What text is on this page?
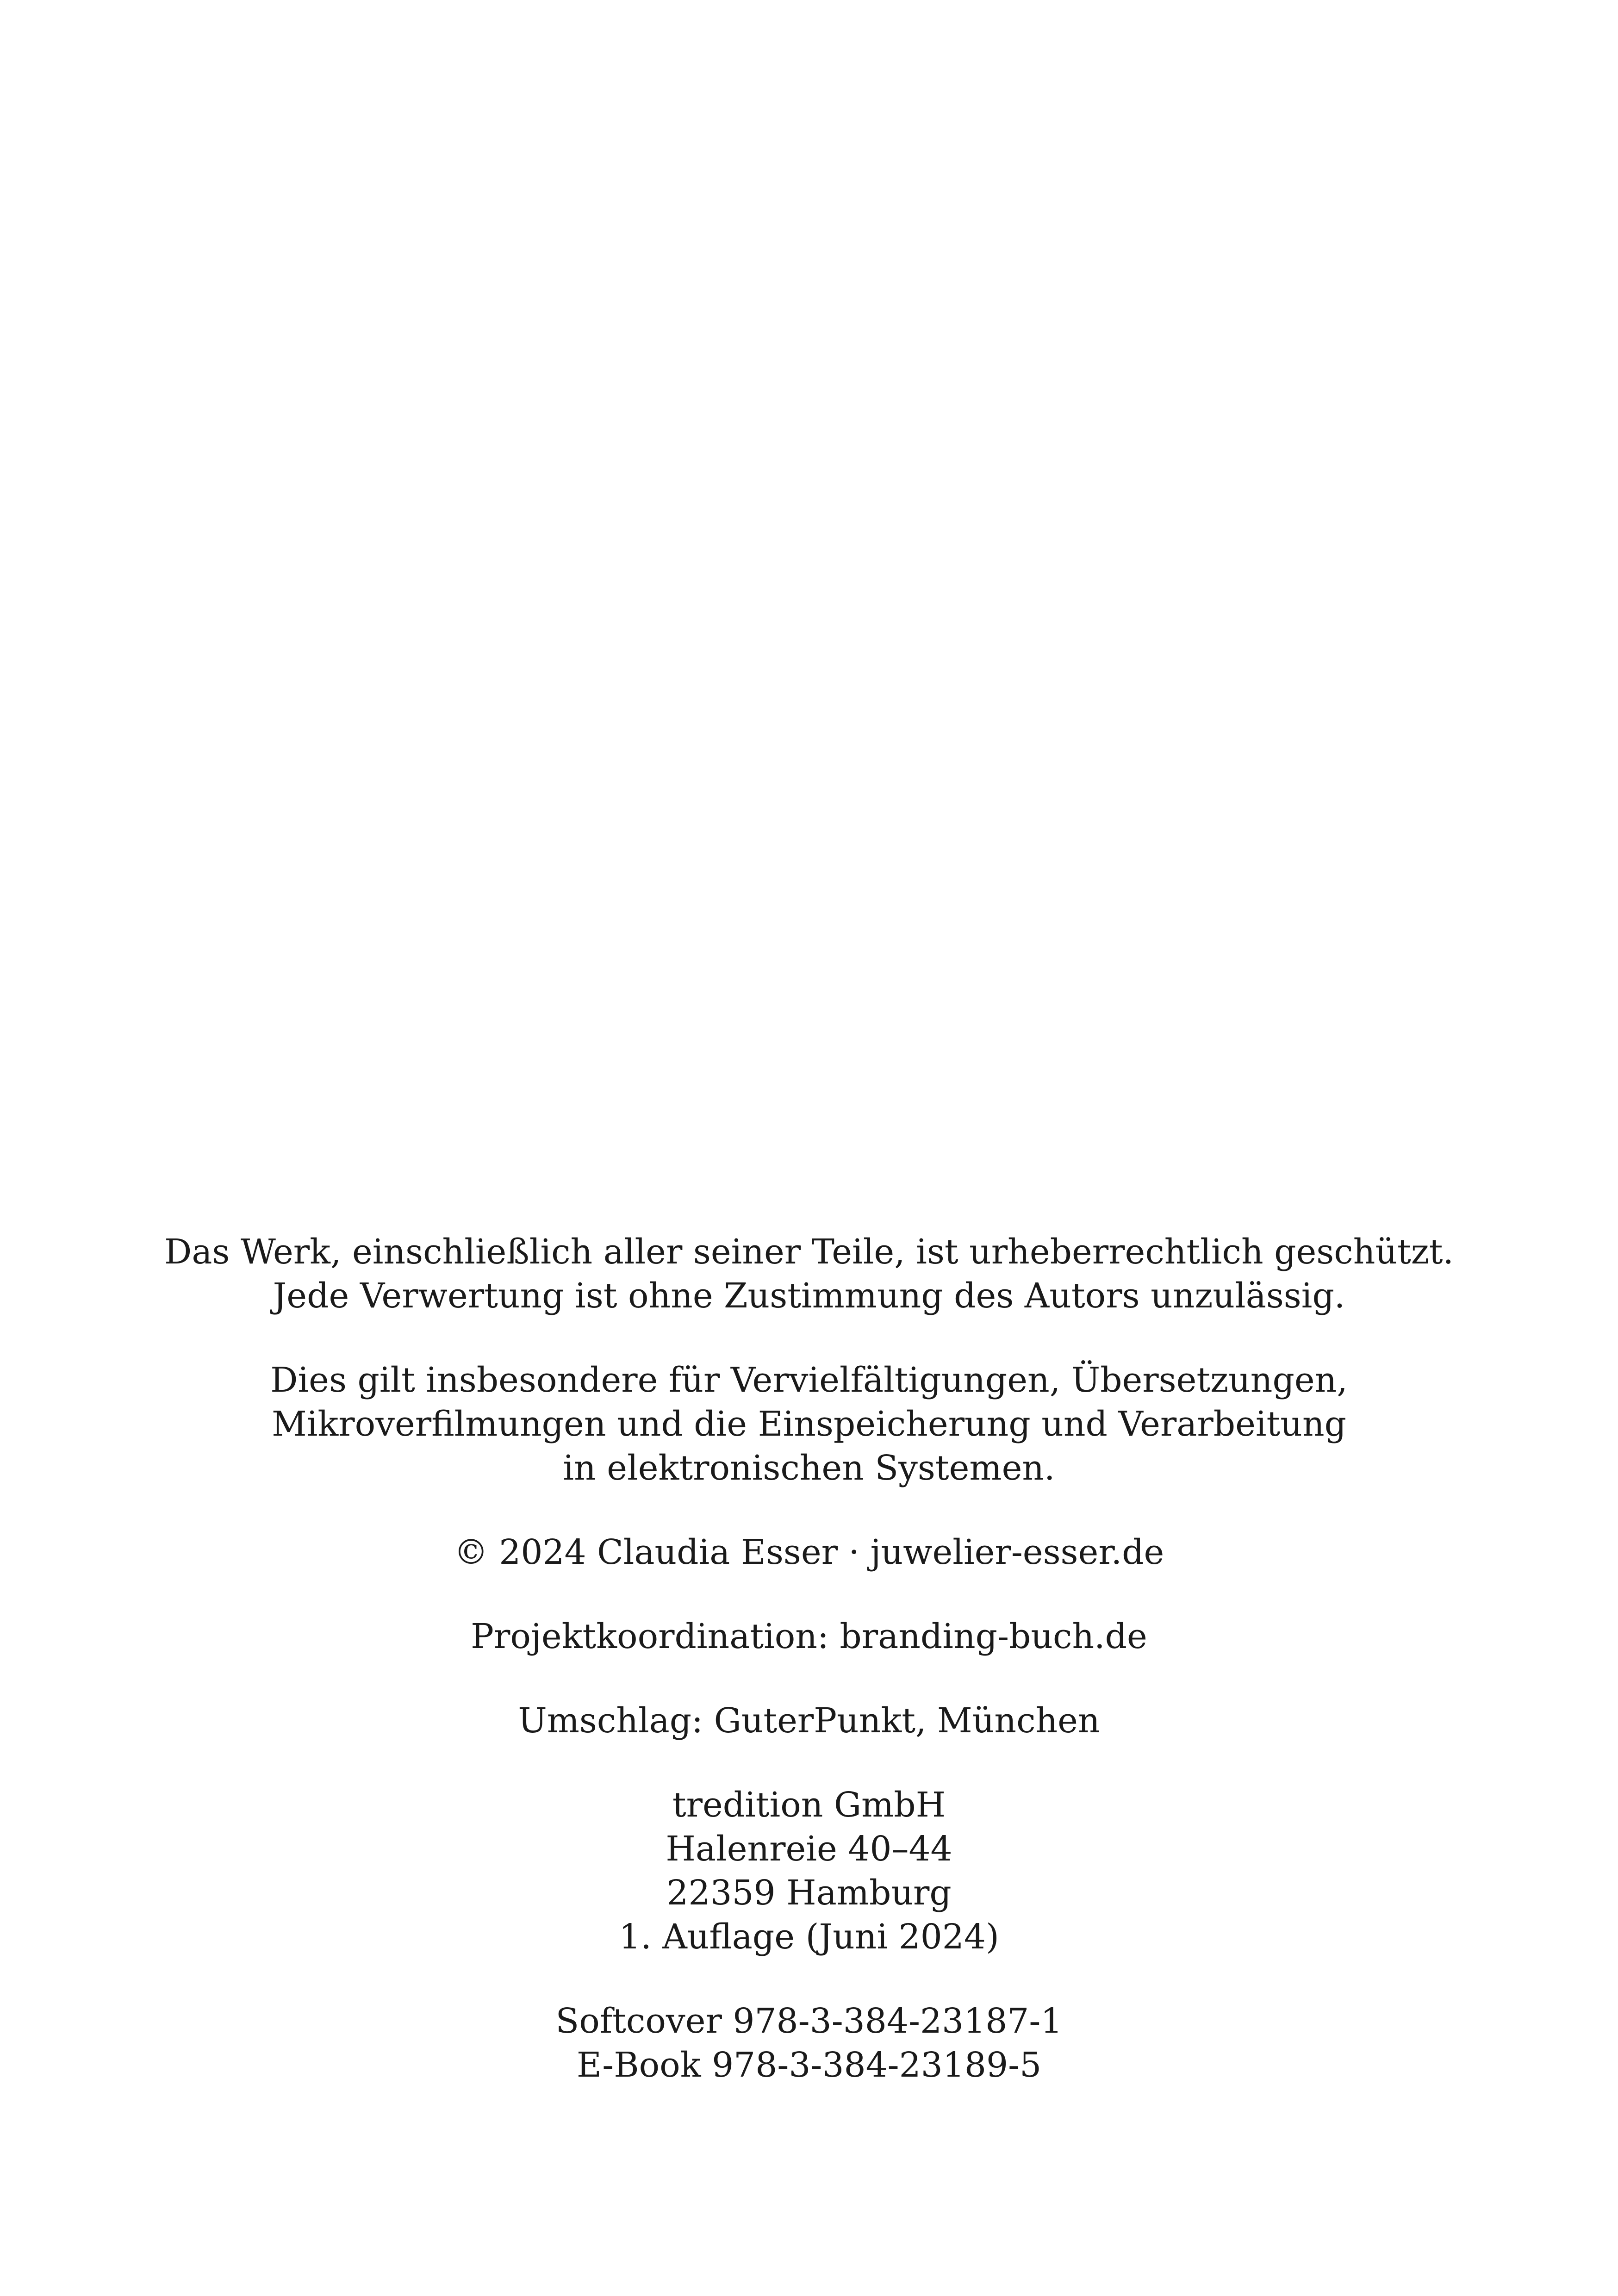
Das Werk, einschließlich aller seiner Teile, ist urheberrechtlich geschützt.
Jede Verwertung ist ohne Zustimmung des Autors unzulässig.

Dies gilt insbesondere für Vervielfältigungen, Übersetzungen,
Mikroverfilmungen und die Einspeicherung und Verarbeitung
in elektronischen Systemen.

© 2024 Claudia Esser · juwelier-esser.de

Projektkoordination: branding-buch.de

Umschlag: GuterPunkt, München

tredition GmbH
Halenreie 40–44
22359 Hamburg
1. Auflage (Juni 2024)

Softcover 978-3-384-23187-1
E-Book 978-3-384-23189-5
